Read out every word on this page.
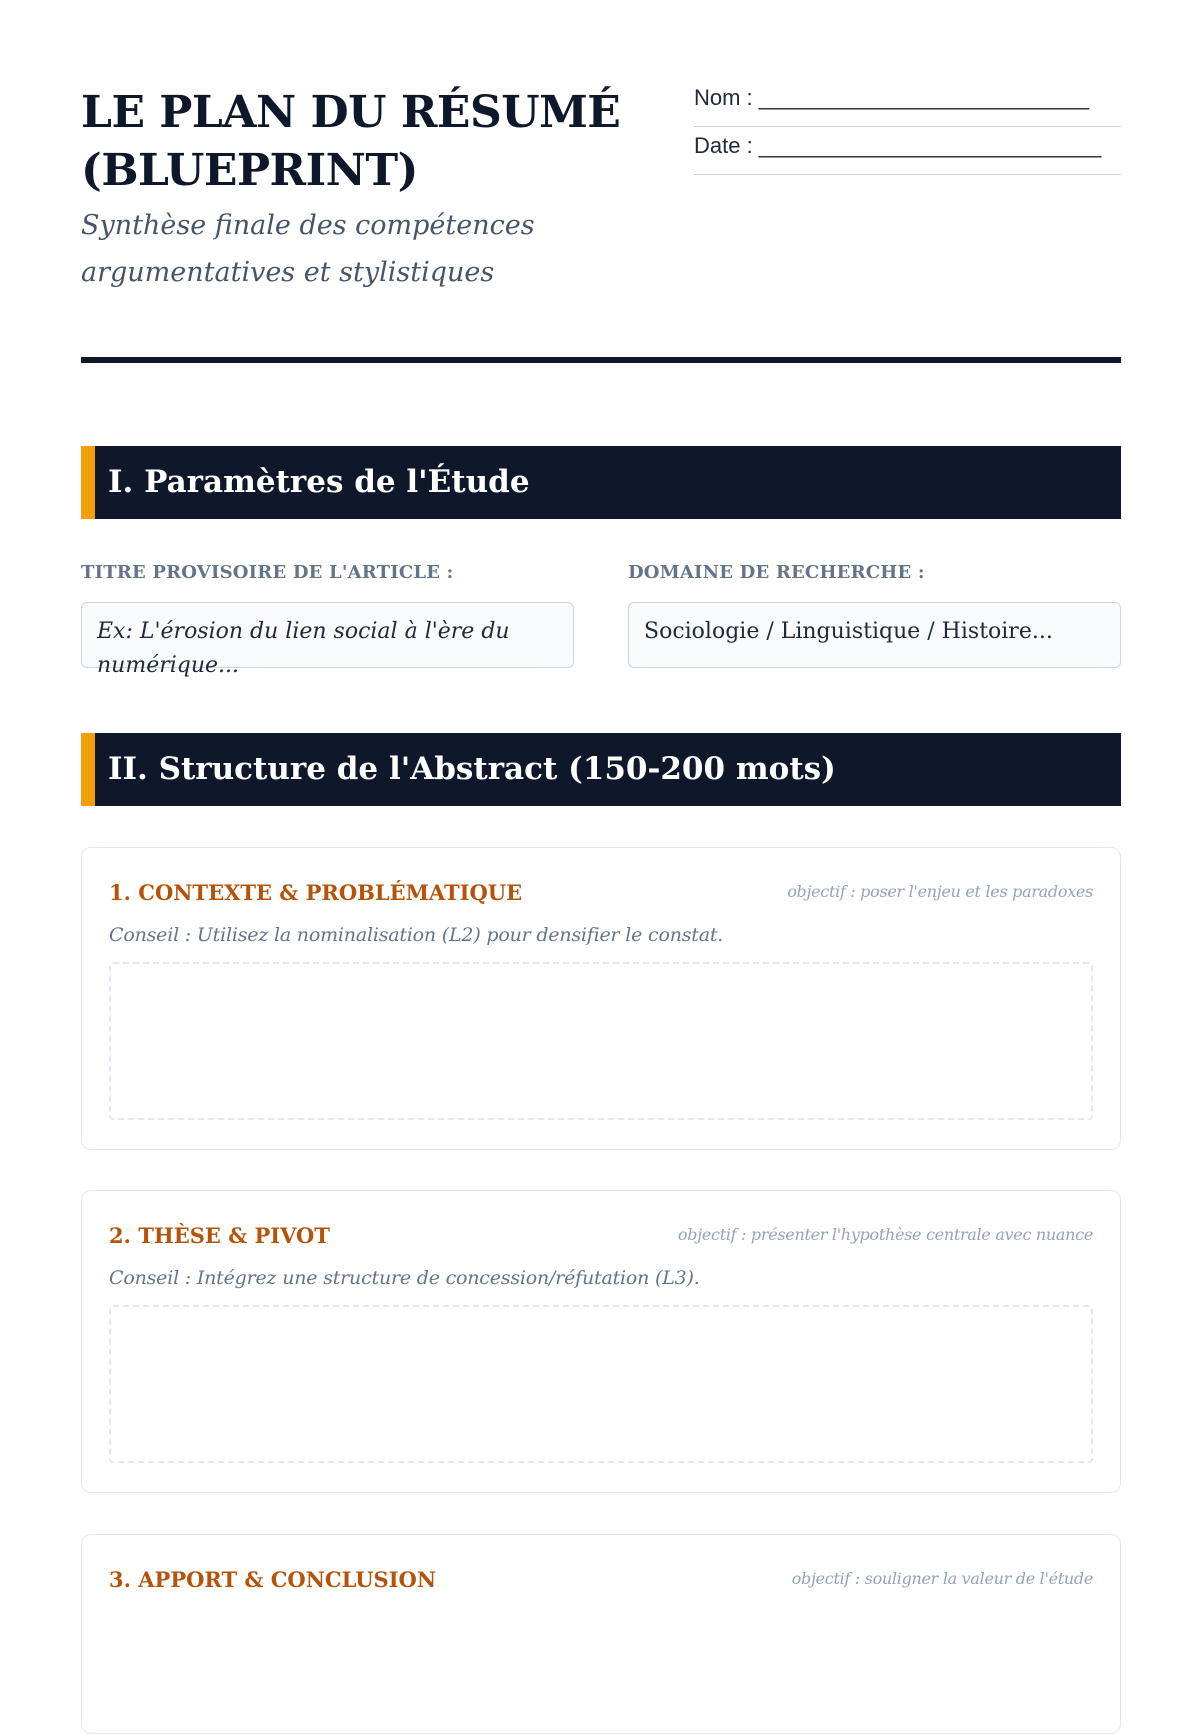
LE PLAN DU RÉSUMÉ (BLUEPRINT)

Synthèse finale des compétences argumentatives et stylistiques

Nom : ___________________________
Date : ____________________________
I. Paramètres de l'Étude
TITRE PROVISOIRE DE L'ARTICLE :
Ex: L'érosion du lien social à l'ère du numérique...
DOMAINE DE RECHERCHE :
Sociologie / Linguistique / Histoire...
II. Structure de l'Abstract (150-200 mots)
1. CONTEXTE & PROBLÉMATIQUE	objectif : poser l'enjeu et les paradoxes
Conseil : Utilisez la nominalisation (L2) pour densifier le constat.
2. THÈSE & PIVOT	objectif : présenter l'hypothèse centrale avec nuance
Conseil : Intégrez une structure de concession/réfutation (L3).
3. APPORT & CONCLUSION	objectif : souligner la valeur de l'étude
